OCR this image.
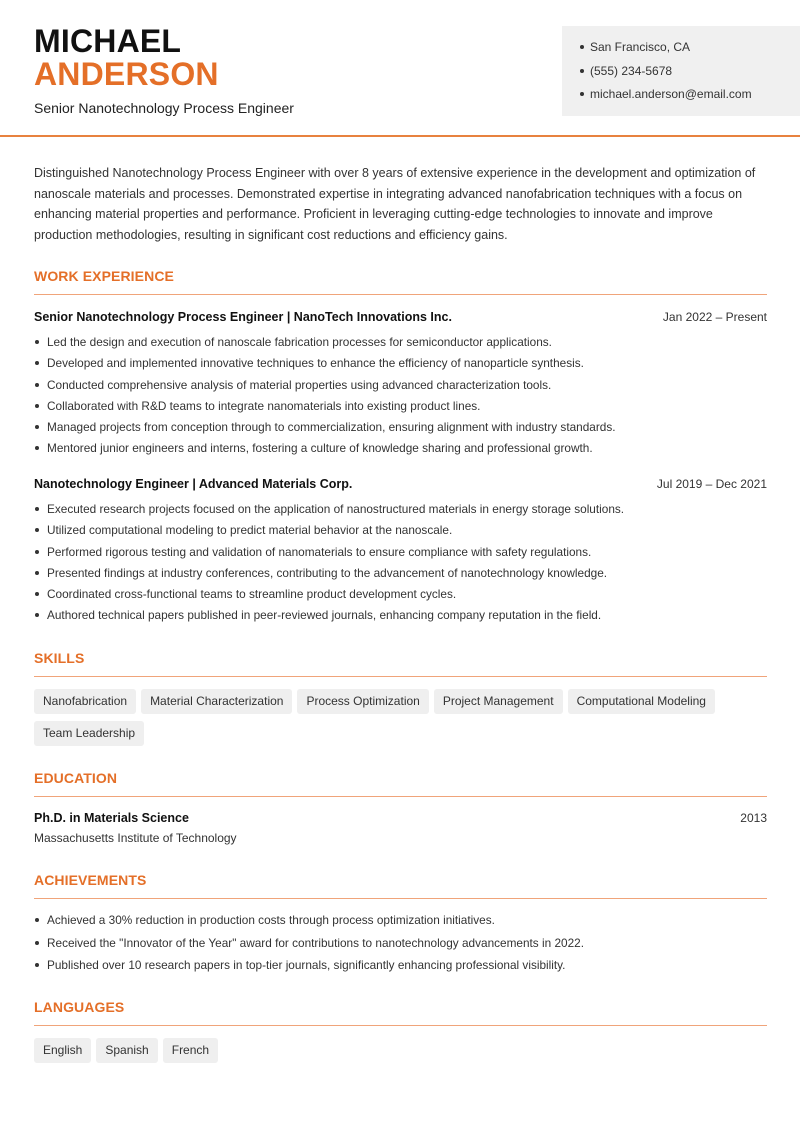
MICHAEL
ANDERSON
Senior Nanotechnology Process Engineer
San Francisco, CA
(555) 234-5678
michael.anderson@email.com

Distinguished Nanotechnology Process Engineer with over 8 years of extensive experience in the development and optimization of nanoscale materials and processes. Demonstrated expertise in integrating advanced nanofabrication techniques with a focus on enhancing material properties and performance. Proficient in leveraging cutting-edge technologies to innovate and improve production methodologies, resulting in significant cost reductions and efficiency gains.

WORK EXPERIENCE
Senior Nanotechnology Process Engineer | NanoTech Innovations Inc.	Jan 2022 – Present
Led the design and execution of nanoscale fabrication processes for semiconductor applications.
Developed and implemented innovative techniques to enhance the efficiency of nanoparticle synthesis.
Conducted comprehensive analysis of material properties using advanced characterization tools.
Collaborated with R&D teams to integrate nanomaterials into existing product lines.
Managed projects from conception through to commercialization, ensuring alignment with industry standards.
Mentored junior engineers and interns, fostering a culture of knowledge sharing and professional growth.
Nanotechnology Engineer | Advanced Materials Corp.	Jul 2019 – Dec 2021
Executed research projects focused on the application of nanostructured materials in energy storage solutions.
Utilized computational modeling to predict material behavior at the nanoscale.
Performed rigorous testing and validation of nanomaterials to ensure compliance with safety regulations.
Presented findings at industry conferences, contributing to the advancement of nanotechnology knowledge.
Coordinated cross-functional teams to streamline product development cycles.
Authored technical papers published in peer-reviewed journals, enhancing company reputation in the field.
SKILLS
Nanofabrication Material Characterization Process Optimization Project Management Computational Modeling
Team Leadership
EDUCATION
Ph.D. in Materials Science	2013
Massachusetts Institute of Technology
ACHIEVEMENTS
Achieved a 30% reduction in production costs through process optimization initiatives.
Received the "Innovator of the Year" award for contributions to nanotechnology advancements in 2022.
Published over 10 research papers in top-tier journals, significantly enhancing professional visibility.
LANGUAGES
English Spanish French
